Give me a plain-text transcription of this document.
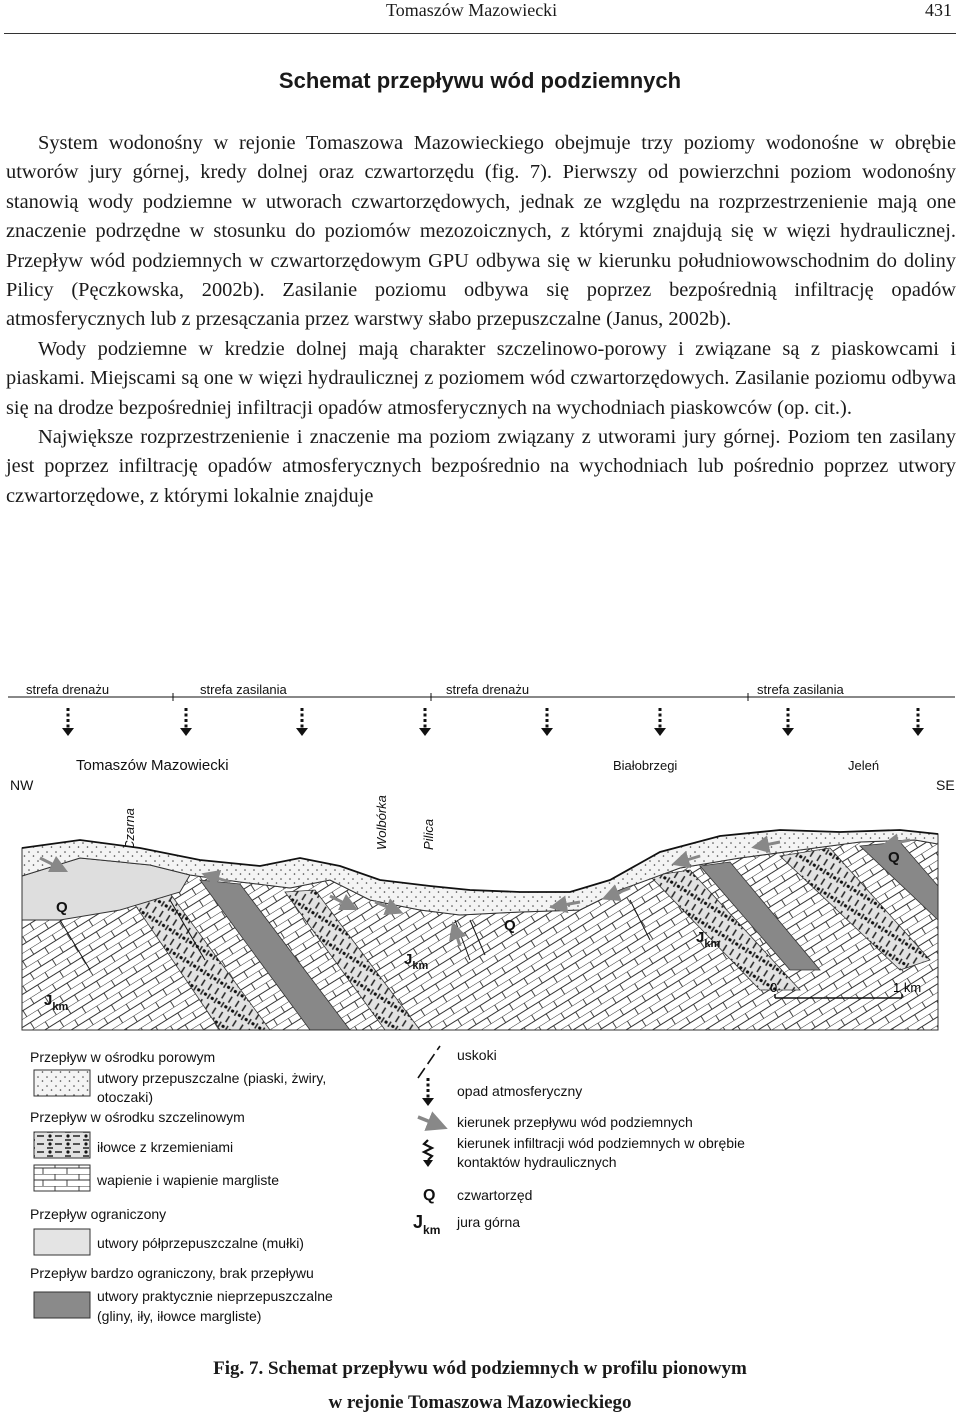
Tomaszów Mazowiecki	431
Schemat przepływu wód podziemnych

System wodonośny w rejonie Tomaszowa Mazowieckiego obejmuje trzy poziomy wodonośne w obrębie utworów jury górnej, kredy dolnej oraz czwartorzędu (fig. 7). Pierwszy od powierzchni poziom wodonośny stanowią wody podziemne w utworach czwartorzędowych, jednak ze względu na rozprzestrzenienie mają one znaczenie podrzędne w stosunku do poziomów mezozoicznych, z którymi znajdują się w więzi hydraulicznej. Przepływ wód podziemnych w czwartorzędowym GPU odbywa się w kierunku południowowschodnim do doliny Pilicy (Pęczkowska, 2002b). Zasilanie poziomu odbywa się poprzez bezpośrednią infiltrację opadów atmosferycznych lub z przesączania przez warstwy słabo przepuszczalne (Janus, 2002b).

Wody podziemne w kredzie dolnej mają charakter szczelinowo-porowy i związane są z piaskowcami i piaskami. Miejscami są one w więzi hydraulicznej z poziomem wód czwartorzędowych. Zasilanie poziomu odbywa się na drodze bezpośredniej infiltracji opadów atmosferycznych na wychodniach piaskowców (op. cit.).

Największe rozprzestrzenienie i znaczenie ma poziom związany z utworami jury górnej. Poziom ten zasilany jest poprzez infiltrację opadów atmosferycznych bezpośrednio na wychodniach lub pośrednio poprzez utwory czwartorzędowe, z którymi lokalnie znajduje

strefa drenażu	strefa zasilania	strefa drenażu	strefa zasilania
Tomaszów Mazowiecki	Białobrzegi	Jeleń
NW	SE
Czarna	Wolbórka Pilica
Q
Q
Q
$J_{km}$
$J_{km}$
$J_{km}$
0	1 km
Przepływ w ośrodku porowym
utwory przepuszczalne (piaski, żwiry,
otoczaki)
Przepływ w ośrodku szczelinowym
iłowce z krzemieniami
wapienie i wapienie margliste
Przepływ ograniczony
utwory półprzepuszczalne (mułki)
Przepływ bardzo ograniczony, brak przepływu
utwory praktycznie nieprzepuszczalne
(gliny, iły, iłowce margliste)
uskoki
opad atmosferyczny
kierunek przepływu wód podziemnych
kierunek infiltracji wód podziemnych w obrębie
kontaktów hydraulicznych
Q czwartorzęd
$J_{km}$ jura górna
Fig. 7. Schemat przepływu wód podziemnych w profilu pionowym
w rejonie Tomaszowa Mazowieckiego
